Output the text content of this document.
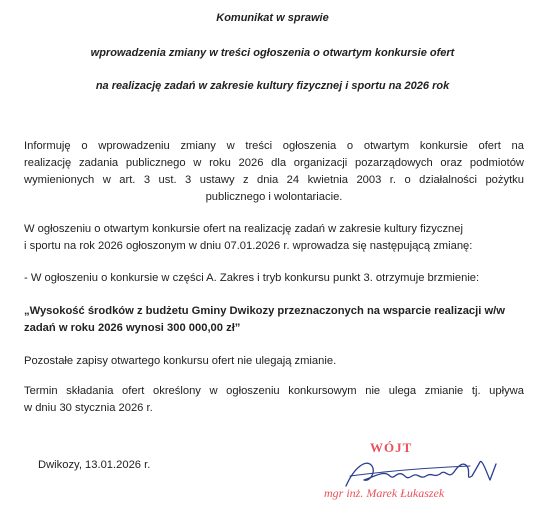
Komunikat w sprawie
wprowadzenia zmiany w treści ogłoszenia o otwartym konkursie ofert
na realizację zadań w zakresie kultury fizycznej i sportu na 2026 rok
Informuję o wprowadzeniu zmiany w treści ogłoszenia o otwartym konkursie ofert na
realizację zadania publicznego w roku 2026 dla organizacji pozarządowych oraz podmiotów
wymienionych w art. 3 ust. 3 ustawy z dnia 24 kwietnia 2003 r. o działalności pożytku
publicznego i wolontariacie.
W ogłoszeniu o otwartym konkursie ofert na realizację zadań w zakresie kultury fizycznej
i sportu na rok 2026 ogłoszonym w dniu 07.01.2026 r. wprowadza się następującą zmianę:
- W ogłoszeniu o konkursie w części A. Zakres i tryb konkursu punkt 3. otrzymuje brzmienie:
„Wysokość środków z budżetu Gminy Dwikozy przeznaczonych na wsparcie realizacji w/w
zadań w roku 2026 wynosi 300 000,00 zł”
Pozostałe zapisy otwartego konkursu ofert nie ulegają zmianie.
Termin składania ofert określony w ogłoszeniu konkursowym nie ulega zmianie tj. upływa
w dniu 30 stycznia 2026 r.
Dwikozy, 13.01.2026 r.
WÓJT
mgr inż. Marek Łukaszek
